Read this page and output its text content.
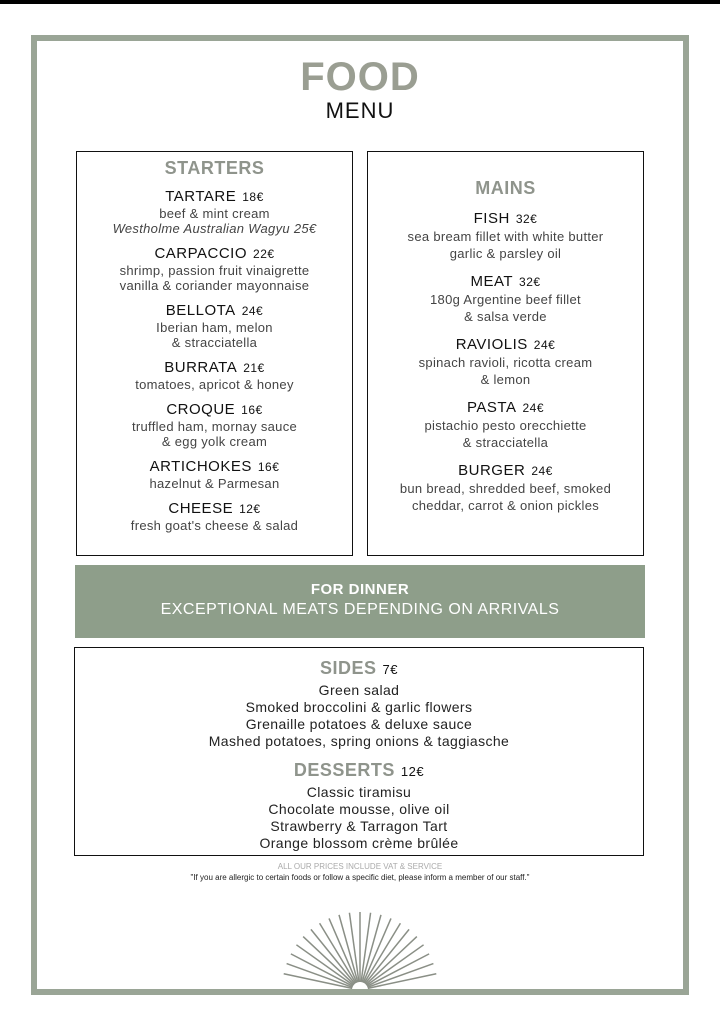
FOOD
MENU
STARTERS
TARTARE 18€
beef & mint cream
Westholme Australian Wagyu 25€
CARPACCIO 22€
shrimp, passion fruit vinaigrette
vanilla & coriander mayonnaise
BELLOTA 24€
Iberian ham, melon
& stracciatella
BURRATA 21€
tomatoes, apricot & honey
CROQUE 16€
truffled ham, mornay sauce
& egg yolk cream
ARTICHOKES 16€
hazelnut & Parmesan
CHEESE 12€
fresh goat's cheese & salad
MAINS
FISH 32€
sea bream fillet with white butter
garlic & parsley oil
MEAT 32€
180g Argentine beef fillet
& salsa verde
RAVIOLIS 24€
spinach ravioli, ricotta cream
& lemon
PASTA 24€
pistachio pesto orecchiette
& stracciatella
BURGER 24€
bun bread, shredded beef, smoked
cheddar, carrot & onion pickles
FOR DINNER
EXCEPTIONAL MEATS DEPENDING ON ARRIVALS
SIDES 7€
Green salad
Smoked broccolini & garlic flowers
Grenaille potatoes & deluxe sauce
Mashed potatoes, spring onions & taggiasche
DESSERTS 12€
Classic tiramisu
Chocolate mousse, olive oil
Strawberry & Tarragon Tart
Orange blossom crème brûlée
ALL OUR PRICES INCLUDE VAT & SERVICE
"If you are allergic to certain foods or follow a specific diet, please inform a member of our staff."
